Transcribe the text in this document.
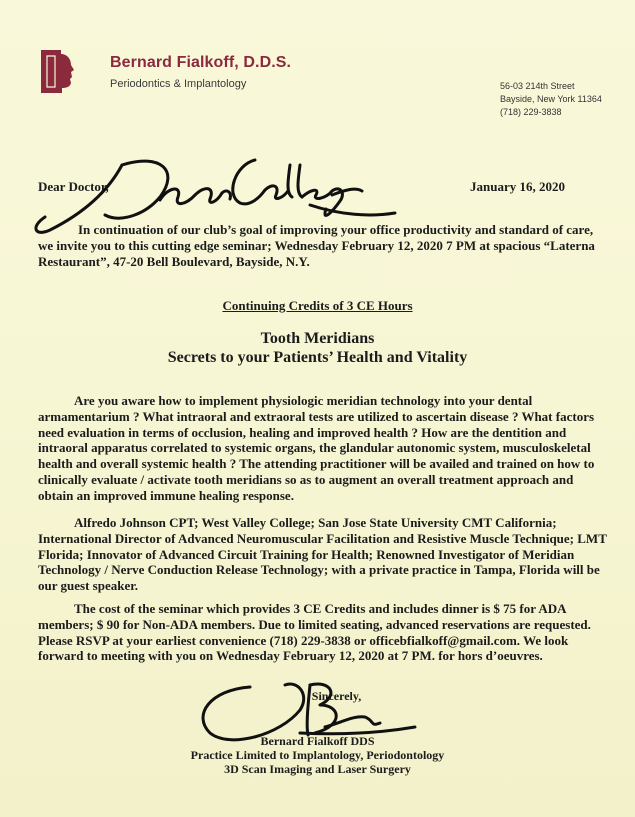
Bernard Fialkoff, D.D.S.
Periodontics & Implantology	56-03 214th Street
Bayside, New York 11364
(718) 229-3838
Dear Doctor,	January 16, 2020

In continuation of our club’s goal of improving your office productivity and standard of care, we invite you to this cutting edge seminar; Wednesday February 12, 2020 7 PM at spacious “Laterna Restaurant”, 47-20 Bell Boulevard, Bayside, N.Y.

Continuing Credits of 3 CE Hours
Tooth Meridians
Secrets to your Patients’ Health and Vitality

Are you aware how to implement physiologic meridian technology into your dental armamentarium ? What intraoral and extraoral tests are utilized to ascertain disease ? What factors need evaluation in terms of occlusion, healing and improved health ? How are the dentition and intraoral apparatus correlated to systemic organs, the glandular autonomic system, musculoskeletal health and overall systemic health ? The attending practitioner will be availed and trained on how to clinically evaluate / activate tooth meridians so as to augment an overall treatment approach and obtain an improved immune healing response.

Alfredo Johnson CPT; West Valley College; San Jose State University CMT California; International Director of Advanced Neuromuscular Facilitation and Resistive Muscle Technique; LMT Florida; Innovator of Advanced Circuit Training for Health; Renowned Investigator of Meridian Technology / Nerve Conduction Release Technology; with a private practice in Tampa, Florida will be our guest speaker.

The cost of the seminar which provides 3 CE Credits and includes dinner is $ 75 for ADA members; $ 90 for Non-ADA members. Due to limited seating, advanced reservations are requested. Please RSVP at your earliest convenience (718) 229-3838 or officebfialkoff@gmail.com. We look forward to meeting with you on Wednesday February 12, 2020 at 7 PM. for hors d’oeuvres.

Sincerely,
Bernard Fialkoff DDS
Practice Limited to Implantology, Periodontology
3D Scan Imaging and Laser Surgery
